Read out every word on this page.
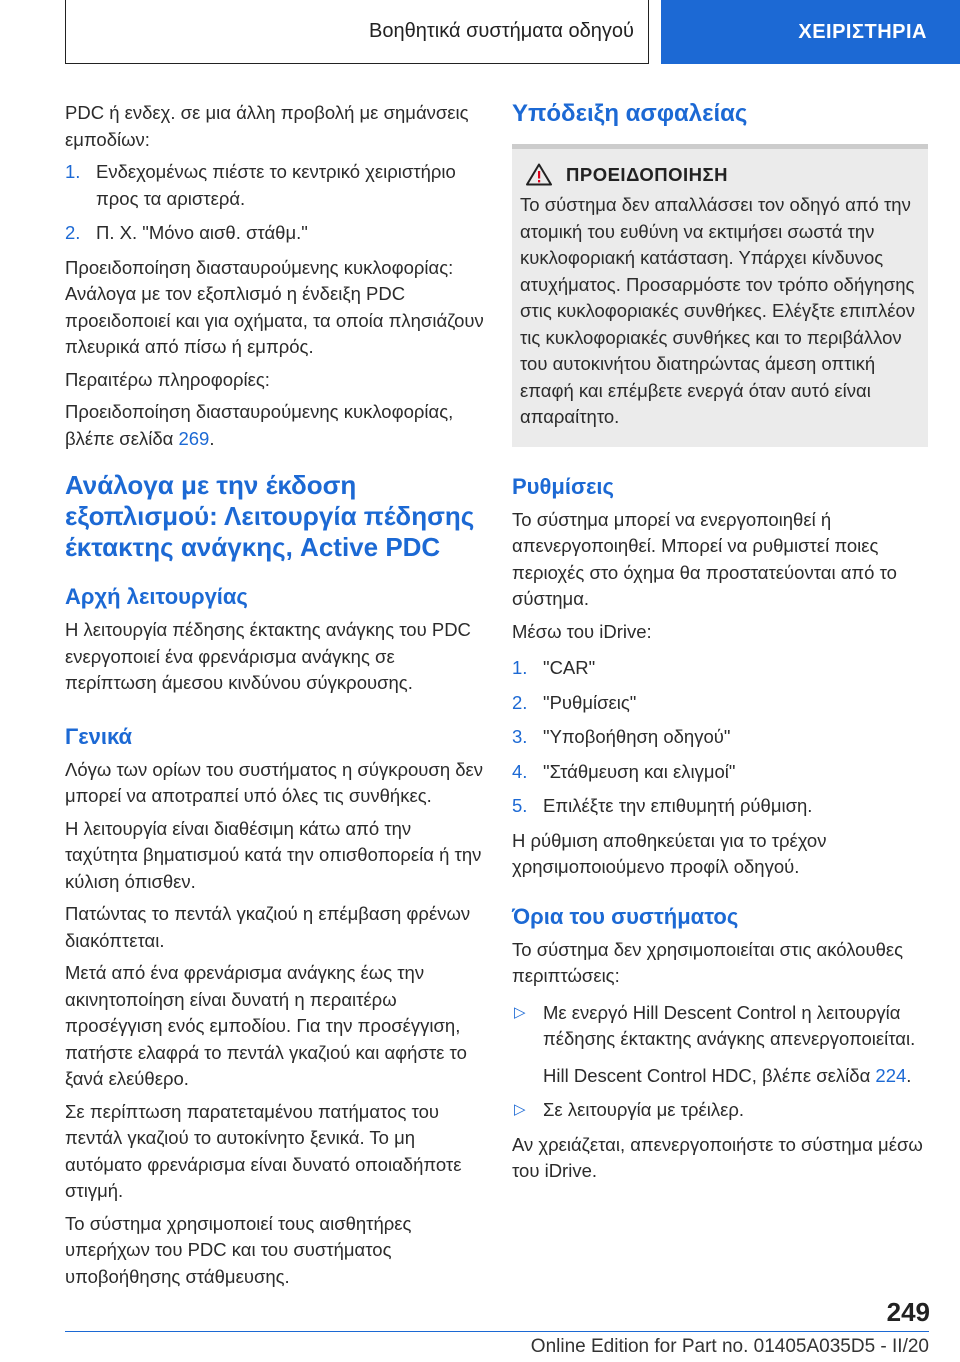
Βοηθητικά συστήματα οδηγού	ΧΕΙΡΙΣΤΗΡΙΑ

PDC ή ενδεχ. σε μια άλλη προβολή με σημάνσεις εμποδίων:

1. Ενδεχομένως πιέστε το κεντρικό χειριστήριο προς τα αριστερά.
2. Π. Χ. "Μόνο αισθ. στάθμ."

Προειδοποίηση διασταυρούμενης κυκλοφορίας: Ανάλογα με τον εξοπλισμό η ένδειξη PDC προειδοποιεί και για οχήματα, τα οποία πλησιάζουν πλευρικά από πίσω ή εμπρός.

Περαιτέρω πληροφορίες:

Προειδοποίηση διασταυρούμενης κυκλοφορίας, βλέπε σελίδα 269.

Ανάλογα με την έκδοση εξοπλισμού: Λειτουργία πέδησης έκτακτης ανάγκης, Active PDC
Αρχή λειτουργίας

Η λειτουργία πέδησης έκτακτης ανάγκης του PDC ενεργοποιεί ένα φρενάρισμα ανάγκης σε περίπτωση άμεσου κινδύνου σύγκρουσης.

Γενικά

Λόγω των ορίων του συστήματος η σύγκρουση δεν μπορεί να αποτραπεί υπό όλες τις συνθήκες.

Η λειτουργία είναι διαθέσιμη κάτω από την ταχύτητα βηματισμού κατά την οπισθοπορεία ή την κύλιση όπισθεν.

Πατώντας το πεντάλ γκαζιού η επέμβαση φρένων διακόπτεται.

Μετά από ένα φρενάρισμα ανάγκης έως την ακινητοποίηση είναι δυνατή η περαιτέρω προσέγγιση ενός εμποδίου. Για την προσέγγιση, πατήστε ελαφρά το πεντάλ γκαζιού και αφήστε το ξανά ελεύθερο.

Σε περίπτωση παρατεταμένου πατήματος του πεντάλ γκαζιού το αυτοκίνητο ξενικά. Το μη αυτόματο φρενάρισμα είναι δυνατό οποιαδήποτε στιγμή.

Το σύστημα χρησιμοποιεί τους αισθητήρες υπερήχων του PDC και του συστήματος υποβοήθησης στάθμευσης.

Υπόδειξη ασφαλείας
ΠΡΟΕΙΔΟΠΟΙΗΣΗ

Το σύστημα δεν απαλλάσσει τον οδηγό από την ατομική του ευθύνη να εκτιμήσει σωστά την κυκλοφοριακή κατάσταση. Υπάρχει κίνδυνος ατυχήματος. Προσαρμόστε τον τρόπο οδήγησης στις κυκλοφοριακές συνθήκες. Ελέγξτε επιπλέον τις κυκλοφοριακές συνθήκες και το περιβάλλον του αυτοκινήτου διατηρώντας άμεση οπτική επαφή και επέμβετε ενεργά όταν αυτό είναι απαραίτητο.

Ρυθμίσεις

Το σύστημα μπορεί να ενεργοποιηθεί ή απενεργοποιηθεί. Μπορεί να ρυθμιστεί ποιες περιοχές στο όχημα θα προστατεύονται από το σύστημα.

Μέσω του iDrive:

1. "CAR"
2. "Ρυθμίσεις"
3. "Υποβοήθηση οδηγού"
4. "Στάθμευση και ελιγμοί"
5. Επιλέξτε την επιθυμητή ρύθμιση.

Η ρύθμιση αποθηκεύεται για το τρέχον χρησιμοποιούμενο προφίλ οδηγού.

Όρια του συστήματος

Το σύστημα δεν χρησιμοποιείται στις ακόλουθες περιπτώσεις:

▷ Με ενεργό Hill Descent Control η λειτουργία πέδησης έκτακτης ανάγκης απενεργοποιείται.
Hill Descent Control HDC, βλέπε σελίδα 224.
▷ Σε λειτουργία με τρέιλερ.

Αν χρειάζεται, απενεργοποιήστε το σύστημα μέσω του iDrive.

249
Online Edition for Part no. 01405A035D5 - II/20
